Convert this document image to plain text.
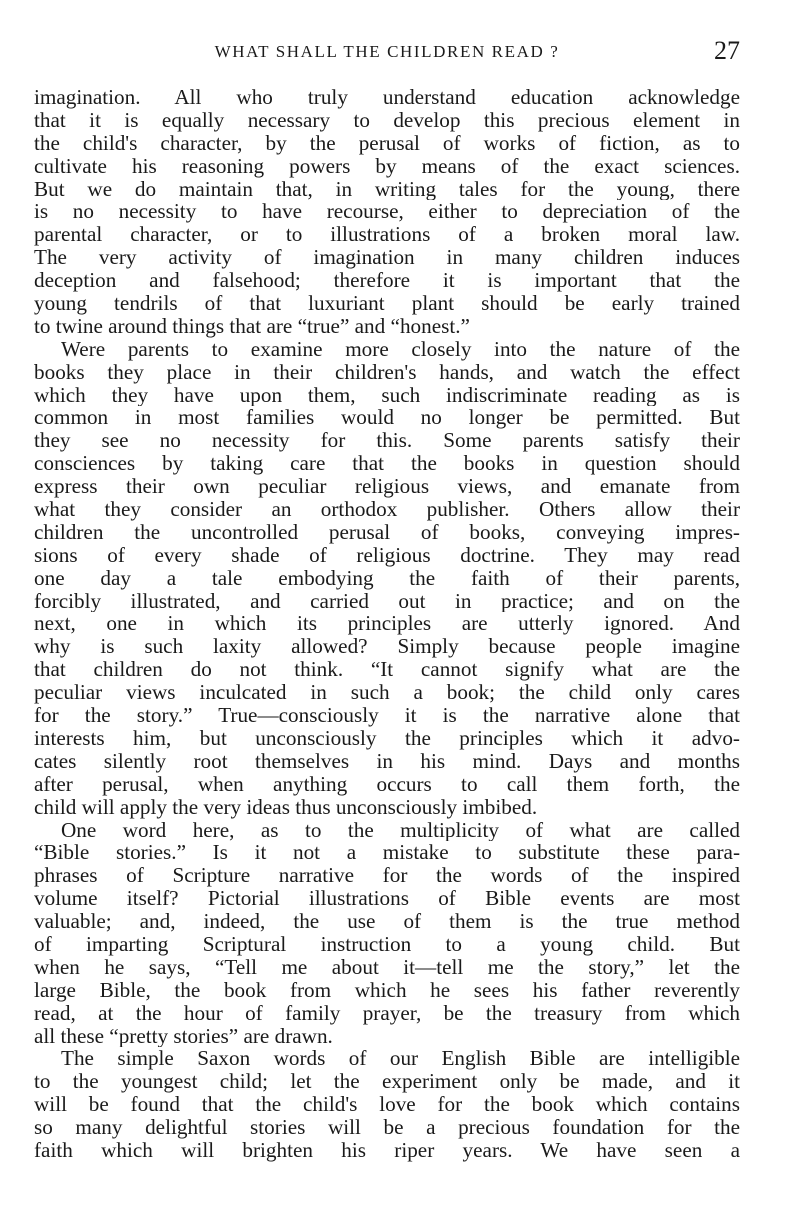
WHAT SHALL THE CHILDREN READ ?	27
imagination. All who truly understand education acknowledge
that it is equally necessary to develop this precious element in
the child's character, by the perusal of works of fiction, as to
cultivate his reasoning powers by means of the exact sciences.
But we do maintain that, in writing tales for the young, there
is no necessity to have recourse, either to depreciation of the
parental character, or to illustrations of a broken moral law.
The very activity of imagination in many children induces
deception and falsehood; therefore it is important that the
young tendrils of that luxuriant plant should be early trained
to twine around things that are “true” and “honest.”
Were parents to examine more closely into the nature of the
books they place in their children's hands, and watch the effect
which they have upon them, such indiscriminate reading as is
common in most families would no longer be permitted. But
they see no necessity for this. Some parents satisfy their
consciences by taking care that the books in question should
express their own peculiar religious views, and emanate from
what they consider an orthodox publisher. Others allow their
children the uncontrolled perusal of books, conveying impres-
sions of every shade of religious doctrine. They may read
one day a tale embodying the faith of their parents,
forcibly illustrated, and carried out in practice; and on the
next, one in which its principles are utterly ignored. And
why is such laxity allowed? Simply because people imagine
that children do not think. “It cannot signify what are the
peculiar views inculcated in such a book; the child only cares
for the story.” True—consciously it is the narrative alone that
interests him, but unconsciously the principles which it advo-
cates silently root themselves in his mind. Days and months
after perusal, when anything occurs to call them forth, the
child will apply the very ideas thus unconsciously imbibed.
One word here, as to the multiplicity of what are called
“Bible stories.” Is it not a mistake to substitute these para-
phrases of Scripture narrative for the words of the inspired
volume itself? Pictorial illustrations of Bible events are most
valuable; and, indeed, the use of them is the true method
of imparting Scriptural instruction to a young child. But
when he says, “Tell me about it—tell me the story,” let the
large Bible, the book from which he sees his father reverently
read, at the hour of family prayer, be the treasury from which
all these “pretty stories” are drawn.
The simple Saxon words of our English Bible are intelligible
to the youngest child; let the experiment only be made, and it
will be found that the child's love for the book which contains
so many delightful stories will be a precious foundation for the
faith which will brighten his riper years. We have seen a
